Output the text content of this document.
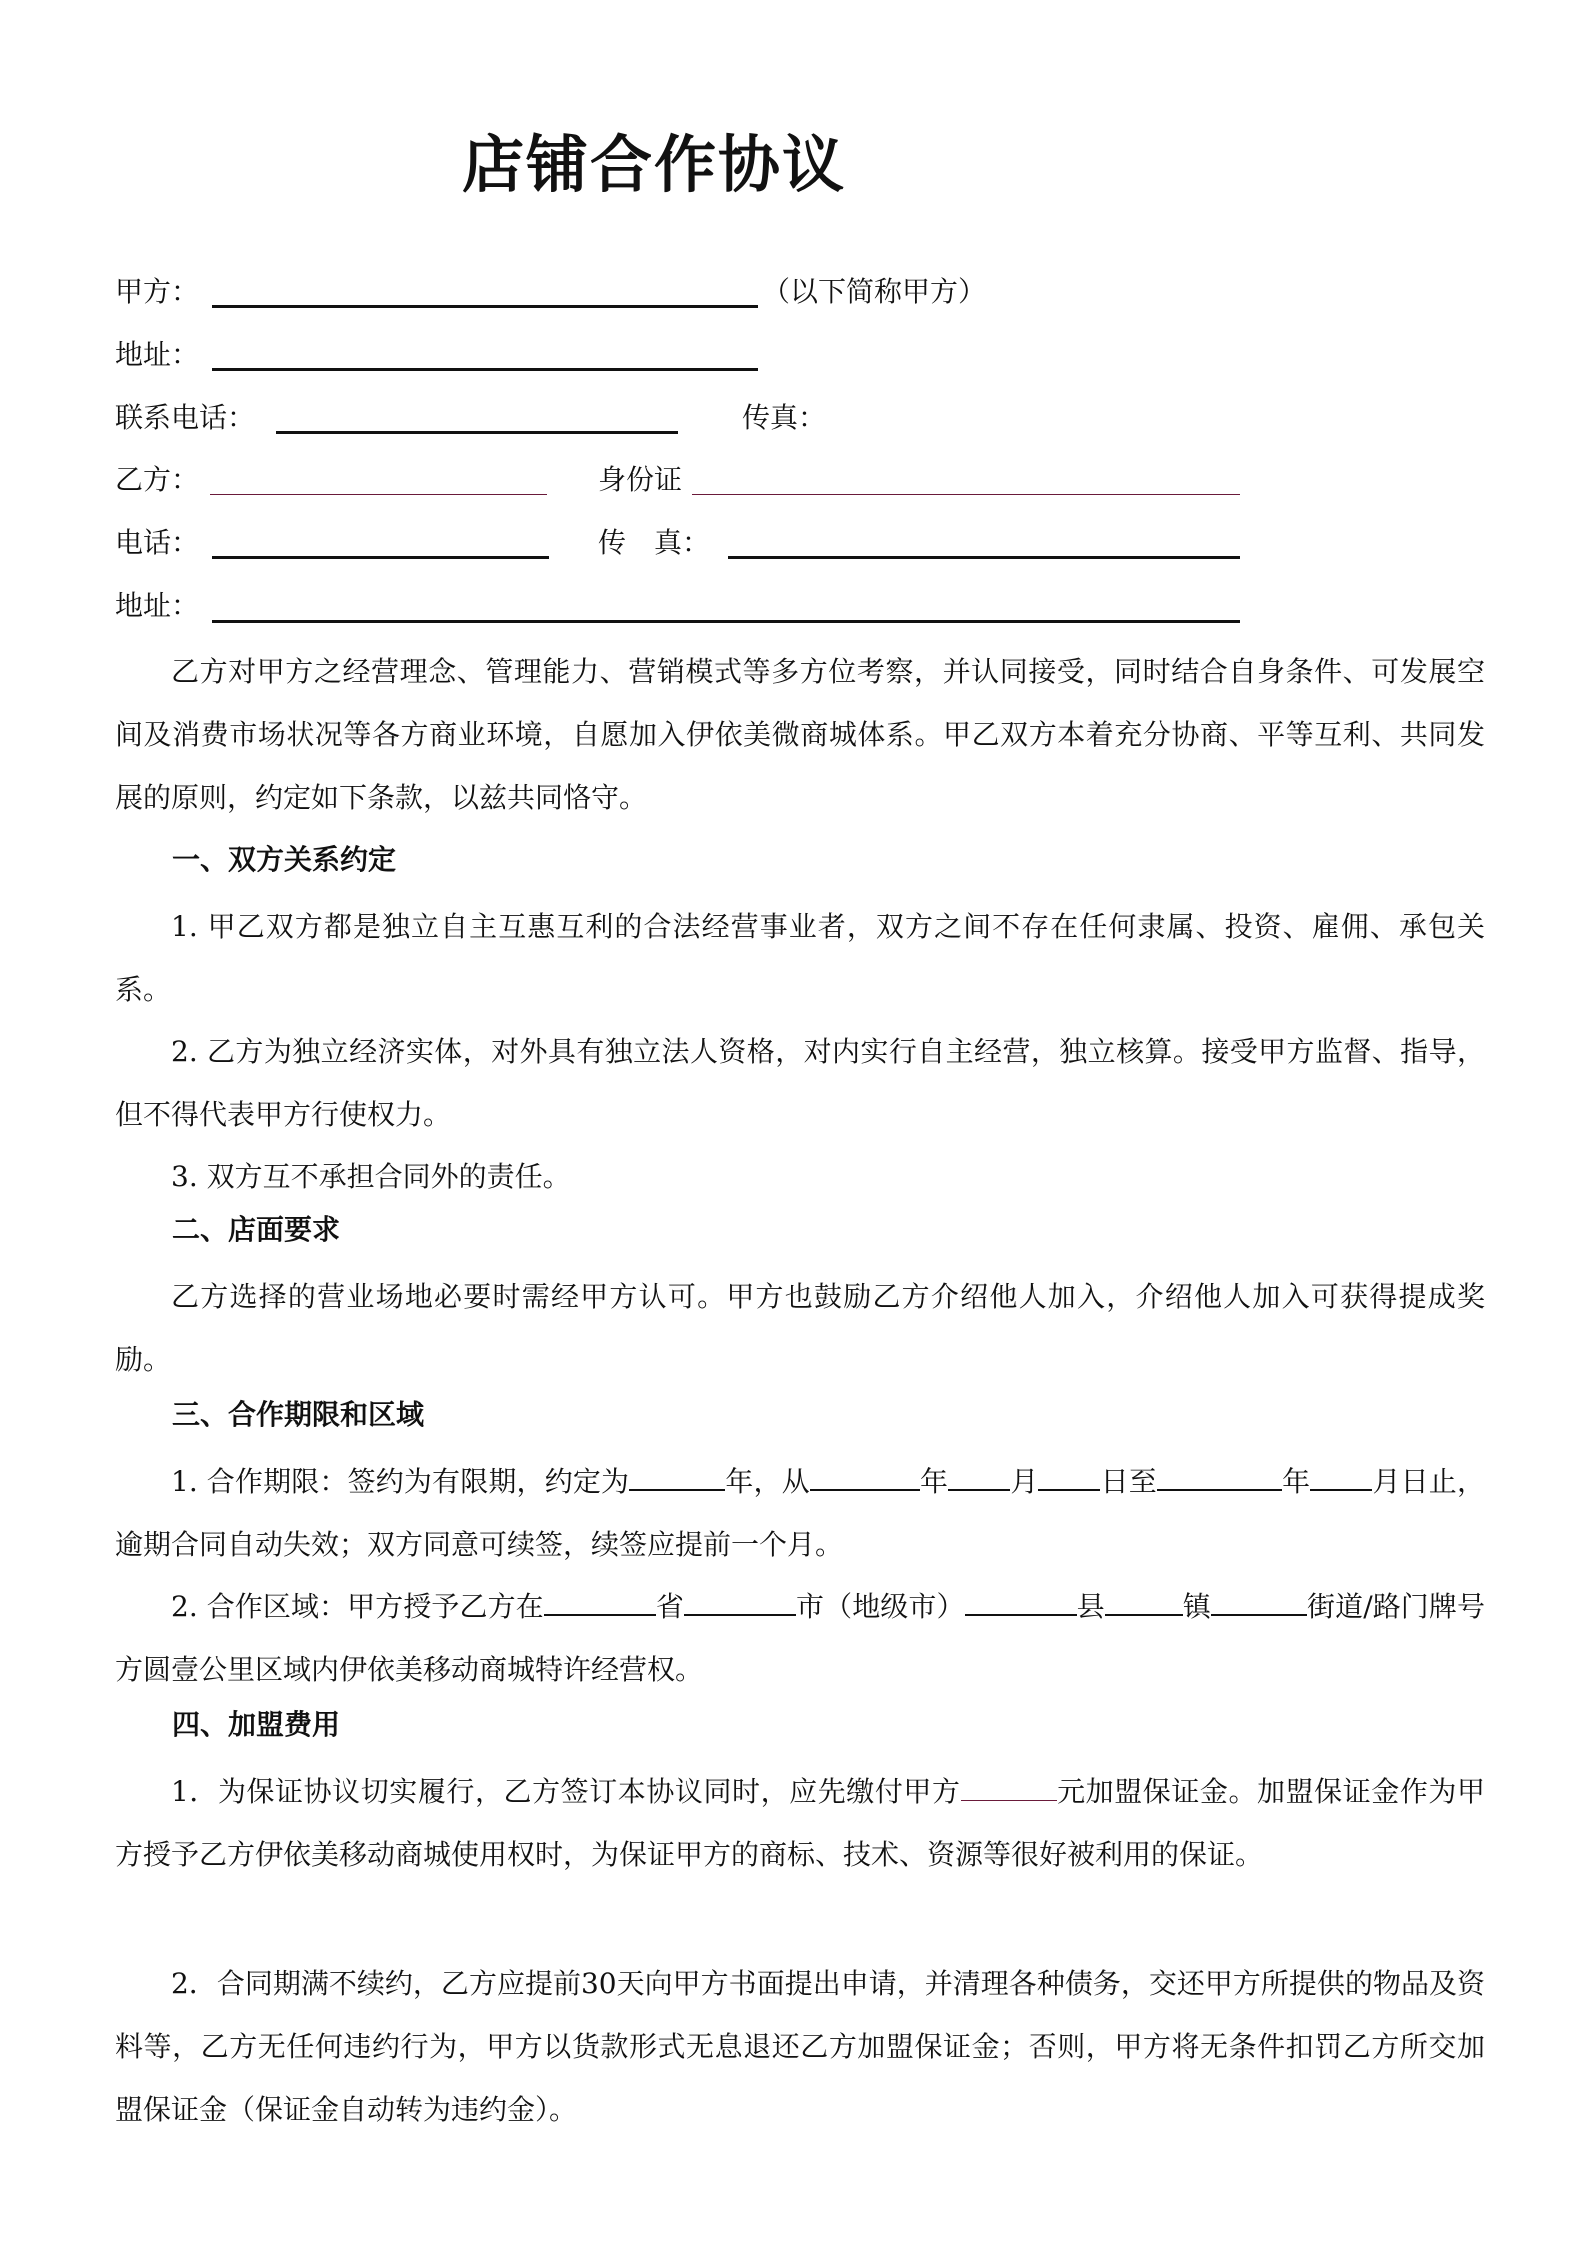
店铺合作协议
甲方：	（以下简称甲方）
地址：
联系电话：	传真：
乙方：	身份证
电话：	传　真：
地址：
乙方对甲方之经营理念、管理能力、营销模式等多方位考察，并认同接受，同时结合自身条件、可发展空间及消费市场状况等各方商业环境，自愿加入伊依美微商城体系。甲乙双方本着充分协商、平等互利、共同发展的原则，约定如下条款，以兹共同恪守。
一、双方关系约定
1. 甲乙双方都是独立自主互惠互利的合法经营事业者，双方之间不存在任何隶属、投资、雇佣、承包关系。
2. 乙方为独立经济实体，对外具有独立法人资格，对内实行自主经营，独立核算。接受甲方监督、指导，但不得代表甲方行使权力。
3. 双方互不承担合同外的责任。
二、店面要求
乙方选择的营业场地必要时需经甲方认可。甲方也鼓励乙方介绍他人加入，介绍他人加入可获得提成奖励。
三、合作期限和区域
1. 合作期限：签约为有限期，约定为	年，从	年 月 日至	年 月日止，逾期合同自动失效；双方同意可续签，续签应提前一个月。
2. 合作区域：甲方授予乙方在	省	市（地级市）	县	镇	街道/路门牌号方圆壹公里区域内伊依美移动商城特许经营权。
四、加盟费用
1．为保证协议切实履行，乙方签订本协议同时，应先缴付甲方	元加盟保证金。加盟保证金作为甲方授予乙方伊依美移动商城使用权时，为保证甲方的商标、技术、资源等很好被利用的保证。
2．合同期满不续约，乙方应提前30天向甲方书面提出申请，并清理各种债务，交还甲方所提供的物品及资料等，乙方无任何违约行为，甲方以货款形式无息退还乙方加盟保证金；否则，甲方将无条件扣罚乙方所交加盟保证金（保证金自动转为违约金）。
